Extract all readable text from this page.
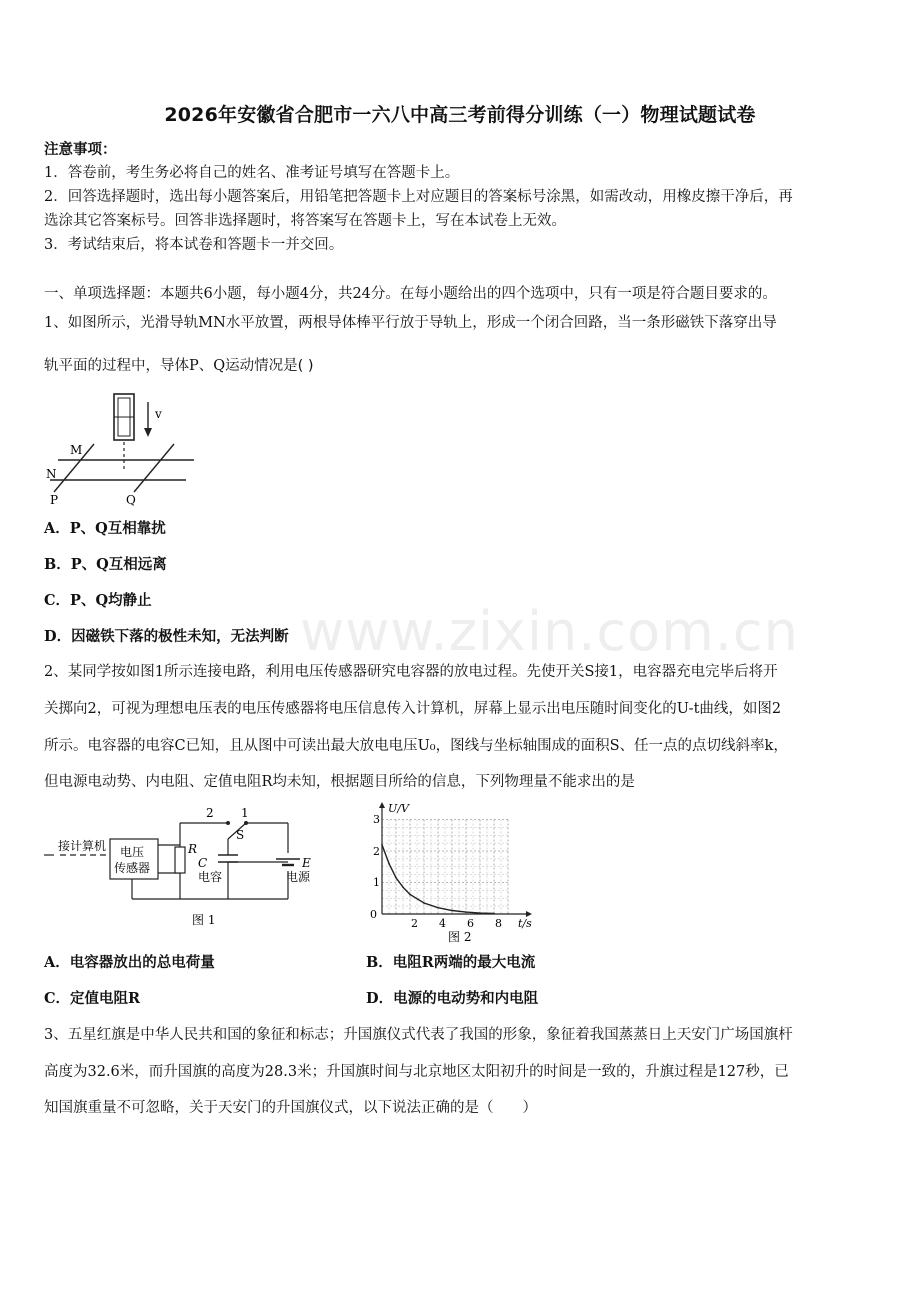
2026年安徽省合肥市一六八中高三考前得分训练（一）物理试题试卷
注意事项：
1．答卷前，考生务必将自己的姓名、准考证号填写在答题卡上。
2．回答选择题时，选出每小题答案后，用铅笔把答题卡上对应题目的答案标号涂黑，如需改动，用橡皮擦干净后，再
选涂其它答案标号。回答非选择题时，将答案写在答题卡上，写在本试卷上无效。
3．考试结束后，将本试卷和答题卡一并交回。
一、单项选择题：本题共6小题，每小题4分，共24分。在每小题给出的四个选项中，只有一项是符合题目要求的。
1、如图所示，光滑导轨MN水平放置，两根导体棒平行放于导轨上，形成一个闭合回路，当一条形磁铁下落穿出导
轨平面的过程中，导体P、Q运动情况是( )
v
M
N
P	Q
A．P、Q互相靠扰
B．P、Q互相远离
C．P、Q均静止
D．因磁铁下落的极性未知，无法判断
2、某同学按如图1所示连接电路，利用电压传感器研究电容器的放电过程。先使开关S接1，电容器充电完毕后将开
关掷向2，可视为理想电压表的电压传感器将电压信息传入计算机，屏幕上显示出电压随时间变化的U-t曲线，如图2
所示。电容器的电容C已知，且从图中可读出最大放电电压U₀，图线与坐标轴围成的面积S、任一点的点切线斜率k，
但电源电动势、内电阻、定值电阻R均未知，根据题目所给的信息，下列物理量不能求出的是
接计算机 电压
传感器
R
2 1
S
C
电容
E
电源
图 1
U/V
t/s
0
1
2
3
2 4 6 8
图 2
A．电容器放出的总电荷量	B．电阻R两端的最大电流
C．定值电阻R	D．电源的电动势和内电阻
3、五星红旗是中华人民共和国的象征和标志；升国旗仪式代表了我国的形象，象征着我国蒸蒸日上天安门广场国旗杆
高度为32.6米，而升国旗的高度为28.3米；升国旗时间与北京地区太阳初升的时间是一致的，升旗过程是127秒，已
知国旗重量不可忽略，关于天安门的升国旗仪式，以下说法正确的是（　　）
www.zixin.com.cn
